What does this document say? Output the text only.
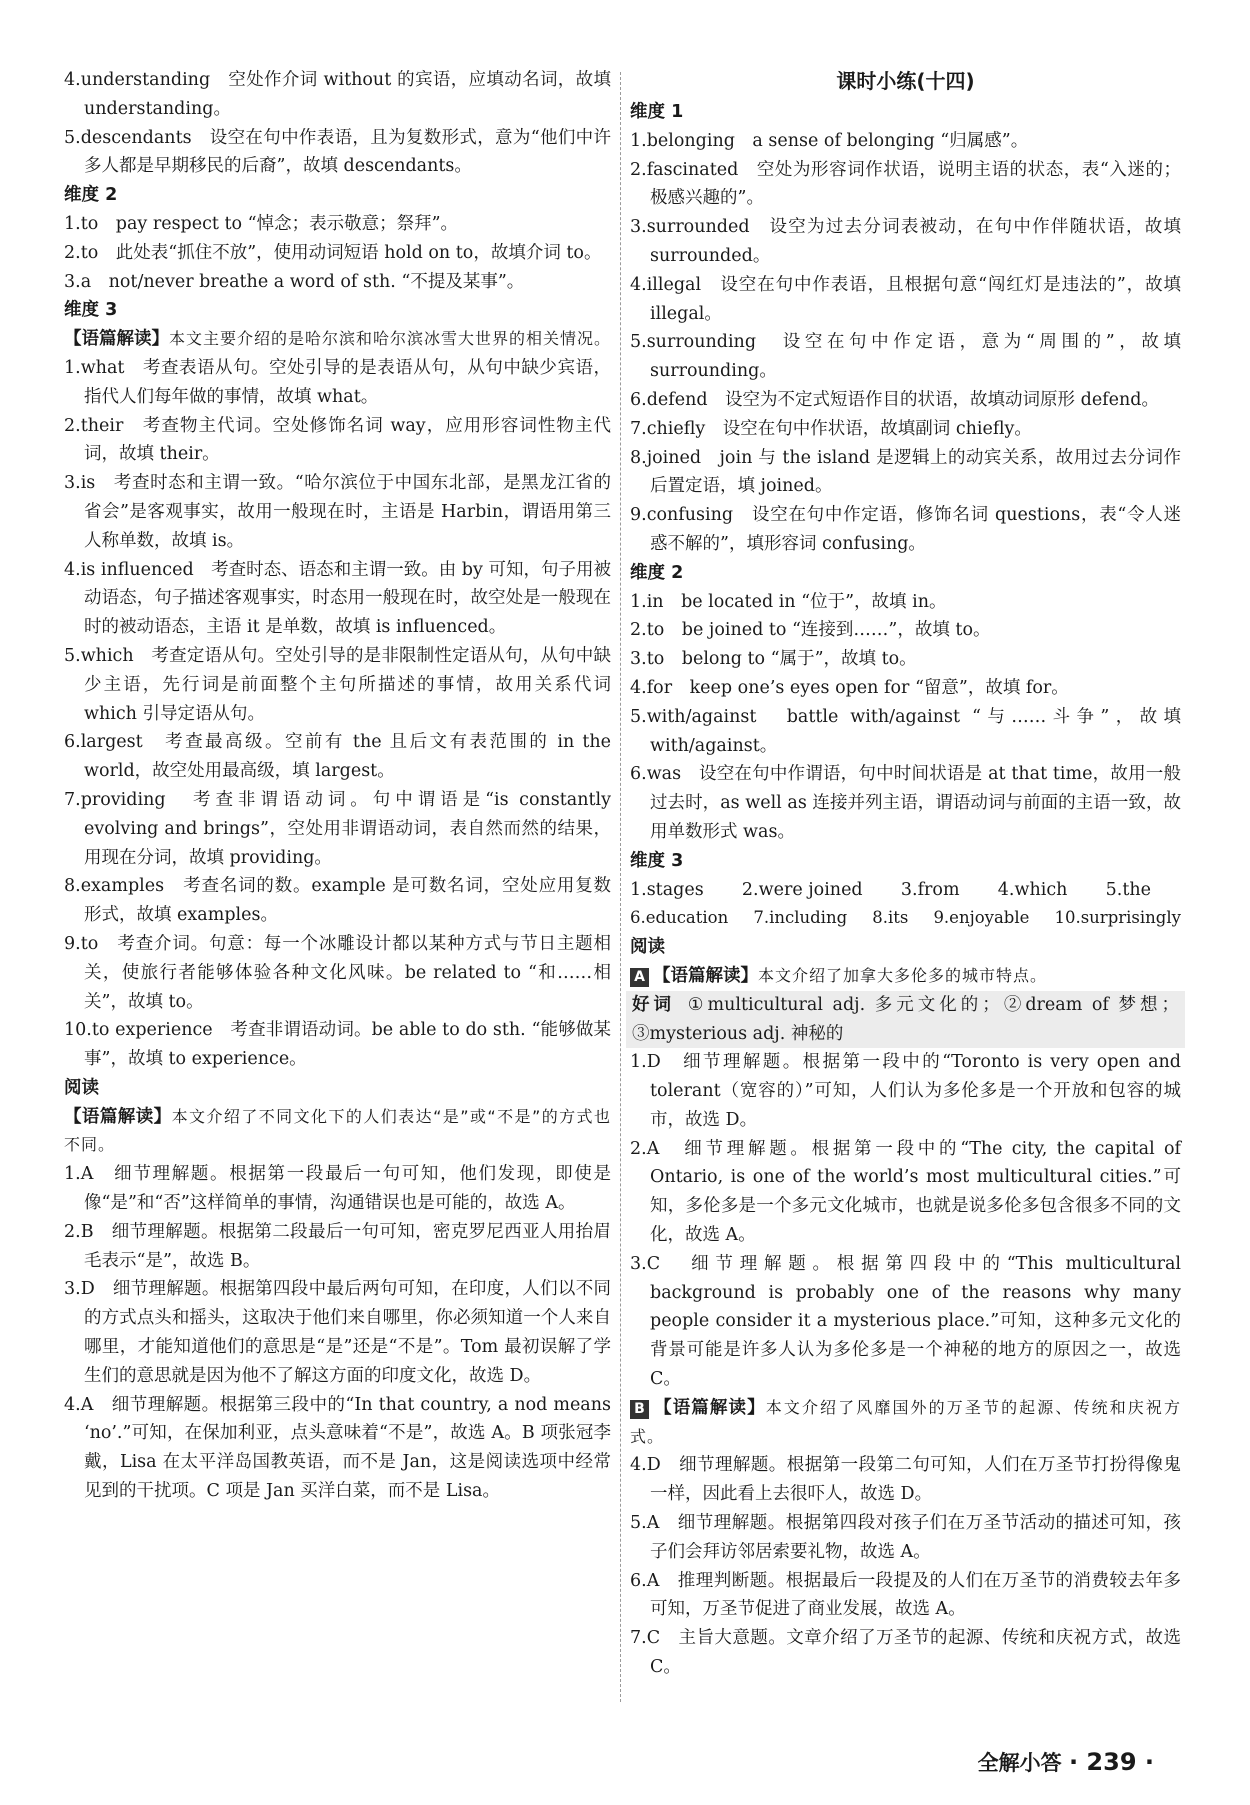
4.understanding　空处作介词 without 的宾语，应填动名词，故填 understanding。

5.descendants　设空在句中作表语，且为复数形式，意为“他们中许多人都是早期移民的后裔”，故填 descendants。

维度 2

1.to　pay respect to “悼念；表示敬意；祭拜”。

2.to　此处表“抓住不放”，使用动词短语 hold on to，故填介词 to。

3.a　not/never breathe a word of sth. “不提及某事”。

维度 3

【语篇解读】本文主要介绍的是哈尔滨和哈尔滨冰雪大世界的相关情况。

1.what　考查表语从句。空处引导的是表语从句，从句中缺少宾语，指代人们每年做的事情，故填 what。

2.their　考查物主代词。空处修饰名词 way，应用形容词性物主代词，故填 their。

3.is　考查时态和主谓一致。“哈尔滨位于中国东北部，是黑龙江省的省会”是客观事实，故用一般现在时，主语是 Harbin，谓语用第三人称单数，故填 is。

4.is influenced　考查时态、语态和主谓一致。由 by 可知，句子用被动语态，句子描述客观事实，时态用一般现在时，故空处是一般现在时的被动语态，主语 it 是单数，故填 is influenced。

5.which　考查定语从句。空处引导的是非限制性定语从句，从句中缺少主语，先行词是前面整个主句所描述的事情，故用关系代词 which 引导定语从句。

6.largest　考查最高级。空前有 the 且后文有表范围的 in the world，故空处用最高级，填 largest。

7.providing　考查非谓语动词。句中谓语是“is constantly evolving and brings”，空处用非谓语动词，表自然而然的结果，用现在分词，故填 providing。

8.examples　考查名词的数。example 是可数名词，空处应用复数形式，故填 examples。

9.to　考查介词。句意：每一个冰雕设计都以某种方式与节日主题相关，使旅行者能够体验各种文化风味。be related to “和……相关”，故填 to。

10.to experience　考查非谓语动词。be able to do sth. “能够做某事”，故填 to experience。

阅读

【语篇解读】本文介绍了不同文化下的人们表达“是”或“不是”的方式也不同。

1.A　细节理解题。根据第一段最后一句可知，他们发现，即使是像“是”和“否”这样简单的事情，沟通错误也是可能的，故选 A。

2.B　细节理解题。根据第二段最后一句可知，密克罗尼西亚人用抬眉毛表示“是”，故选 B。

3.D　细节理解题。根据第四段中最后两句可知，在印度，人们以不同的方式点头和摇头，这取决于他们来自哪里，你必须知道一个人来自哪里，才能知道他们的意思是“是”还是“不是”。Tom 最初误解了学生们的意思就是因为他不了解这方面的印度文化，故选 D。

4.A　细节理解题。根据第三段中的“In that country, a nod means ‘no’.”可知，在保加利亚，点头意味着“不是”，故选 A。B 项张冠李戴，Lisa 在太平洋岛国教英语，而不是 Jan，这是阅读选项中经常见到的干扰项。C 项是 Jan 买洋白菜，而不是 Lisa。

课时小练(十四)

维度 1

1.belonging　a sense of belonging “归属感”。

2.fascinated　空处为形容词作状语，说明主语的状态，表“入迷的；极感兴趣的”。

3.surrounded　设空为过去分词表被动，在句中作伴随状语，故填 surrounded。

4.illegal　设空在句中作表语，且根据句意“闯红灯是违法的”，故填 illegal。

5.surrounding　设空在句中作定语，意为“周围的”，故填 surrounding。

6.defend　设空为不定式短语作目的状语，故填动词原形 defend。

7.chiefly　设空在句中作状语，故填副词 chiefly。

8.joined　join 与 the island 是逻辑上的动宾关系，故用过去分词作后置定语，填 joined。

9.confusing　设空在句中作定语，修饰名词 questions，表“令人迷惑不解的”，填形容词 confusing。

维度 2

1.in　be located in “位于”，故填 in。

2.to　be joined to “连接到……”，故填 to。

3.to　belong to “属于”，故填 to。

4.for　keep one’s eyes open for “留意”，故填 for。

5.with/against　battle with/against “与……斗争”，故填 with/against。

6.was　设空在句中作谓语，句中时间状语是 at that time，故用一般过去时，as well as 连接并列主语，谓语动词与前面的主语一致，故用单数形式 was。

维度 3

1.stages 2.were joined 3.from 4.which 5.the
6.education 7.including 8.its 9.enjoyable 10.surprisingly

阅读

A 【语篇解读】本文介绍了加拿大多伦多的城市特点。

好词  ①multicultural adj. 多元文化的；②dream of 梦想；③mysterious adj. 神秘的

1.D　细节理解题。根据第一段中的“Toronto is very open and tolerant（宽容的）”可知，人们认为多伦多是一个开放和包容的城市，故选 D。

2.A　细节理解题。根据第一段中的“The city, the capital of Ontario, is one of the world’s most multicultural cities.”可知，多伦多是一个多元文化城市，也就是说多伦多包含很多不同的文化，故选 A。

3.C　细节理解题。根据第四段中的“This multicultural background is probably one of the reasons why many people consider it a mysterious place.”可知，这种多元文化的背景可能是许多人认为多伦多是一个神秘的地方的原因之一，故选 C。

B 【语篇解读】本文介绍了风靡国外的万圣节的起源、传统和庆祝方式。

4.D　细节理解题。根据第一段第二句可知，人们在万圣节打扮得像鬼一样，因此看上去很吓人，故选 D。

5.A　细节理解题。根据第四段对孩子们在万圣节活动的描述可知，孩子们会拜访邻居索要礼物，故选 A。

6.A　推理判断题。根据最后一段提及的人们在万圣节的消费较去年多可知，万圣节促进了商业发展，故选 A。

7.C　主旨大意题。文章介绍了万圣节的起源、传统和庆祝方式，故选 C。

全解小答 · 239 ·
